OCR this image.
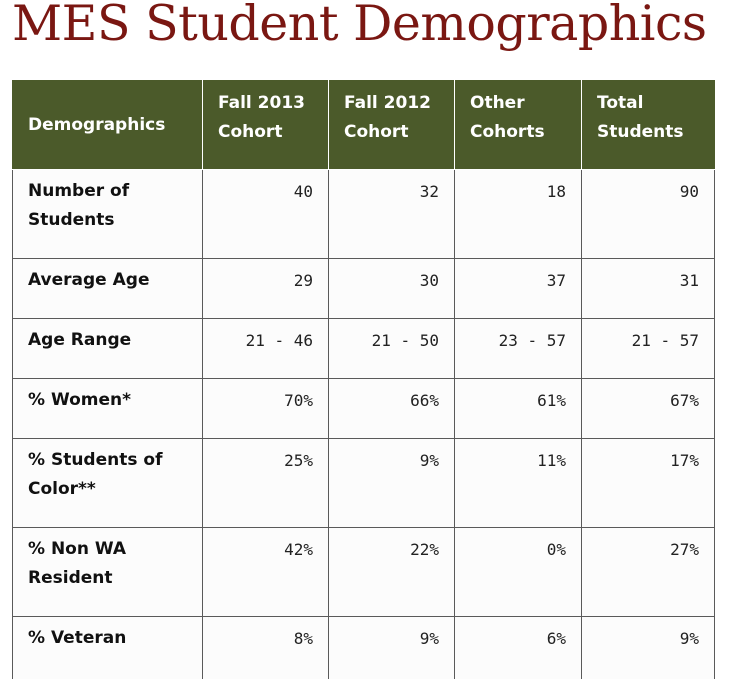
MES Student Demographics
Demographics	Fall 2013 Cohort	Fall 2012 Cohort	Other Cohorts	Total Students
Number of Students	40	32	18	90
Average Age	29	30	37	31
Age Range	21 - 46	21 - 50	23 - 57	21 - 57
% Women*	70%	66%	61%	67%
% Students of Color**	25%	9%	11%	17%
% Non WA Resident	42%	22%	0%	27%
% Veteran	8%	9%	6%	9%
